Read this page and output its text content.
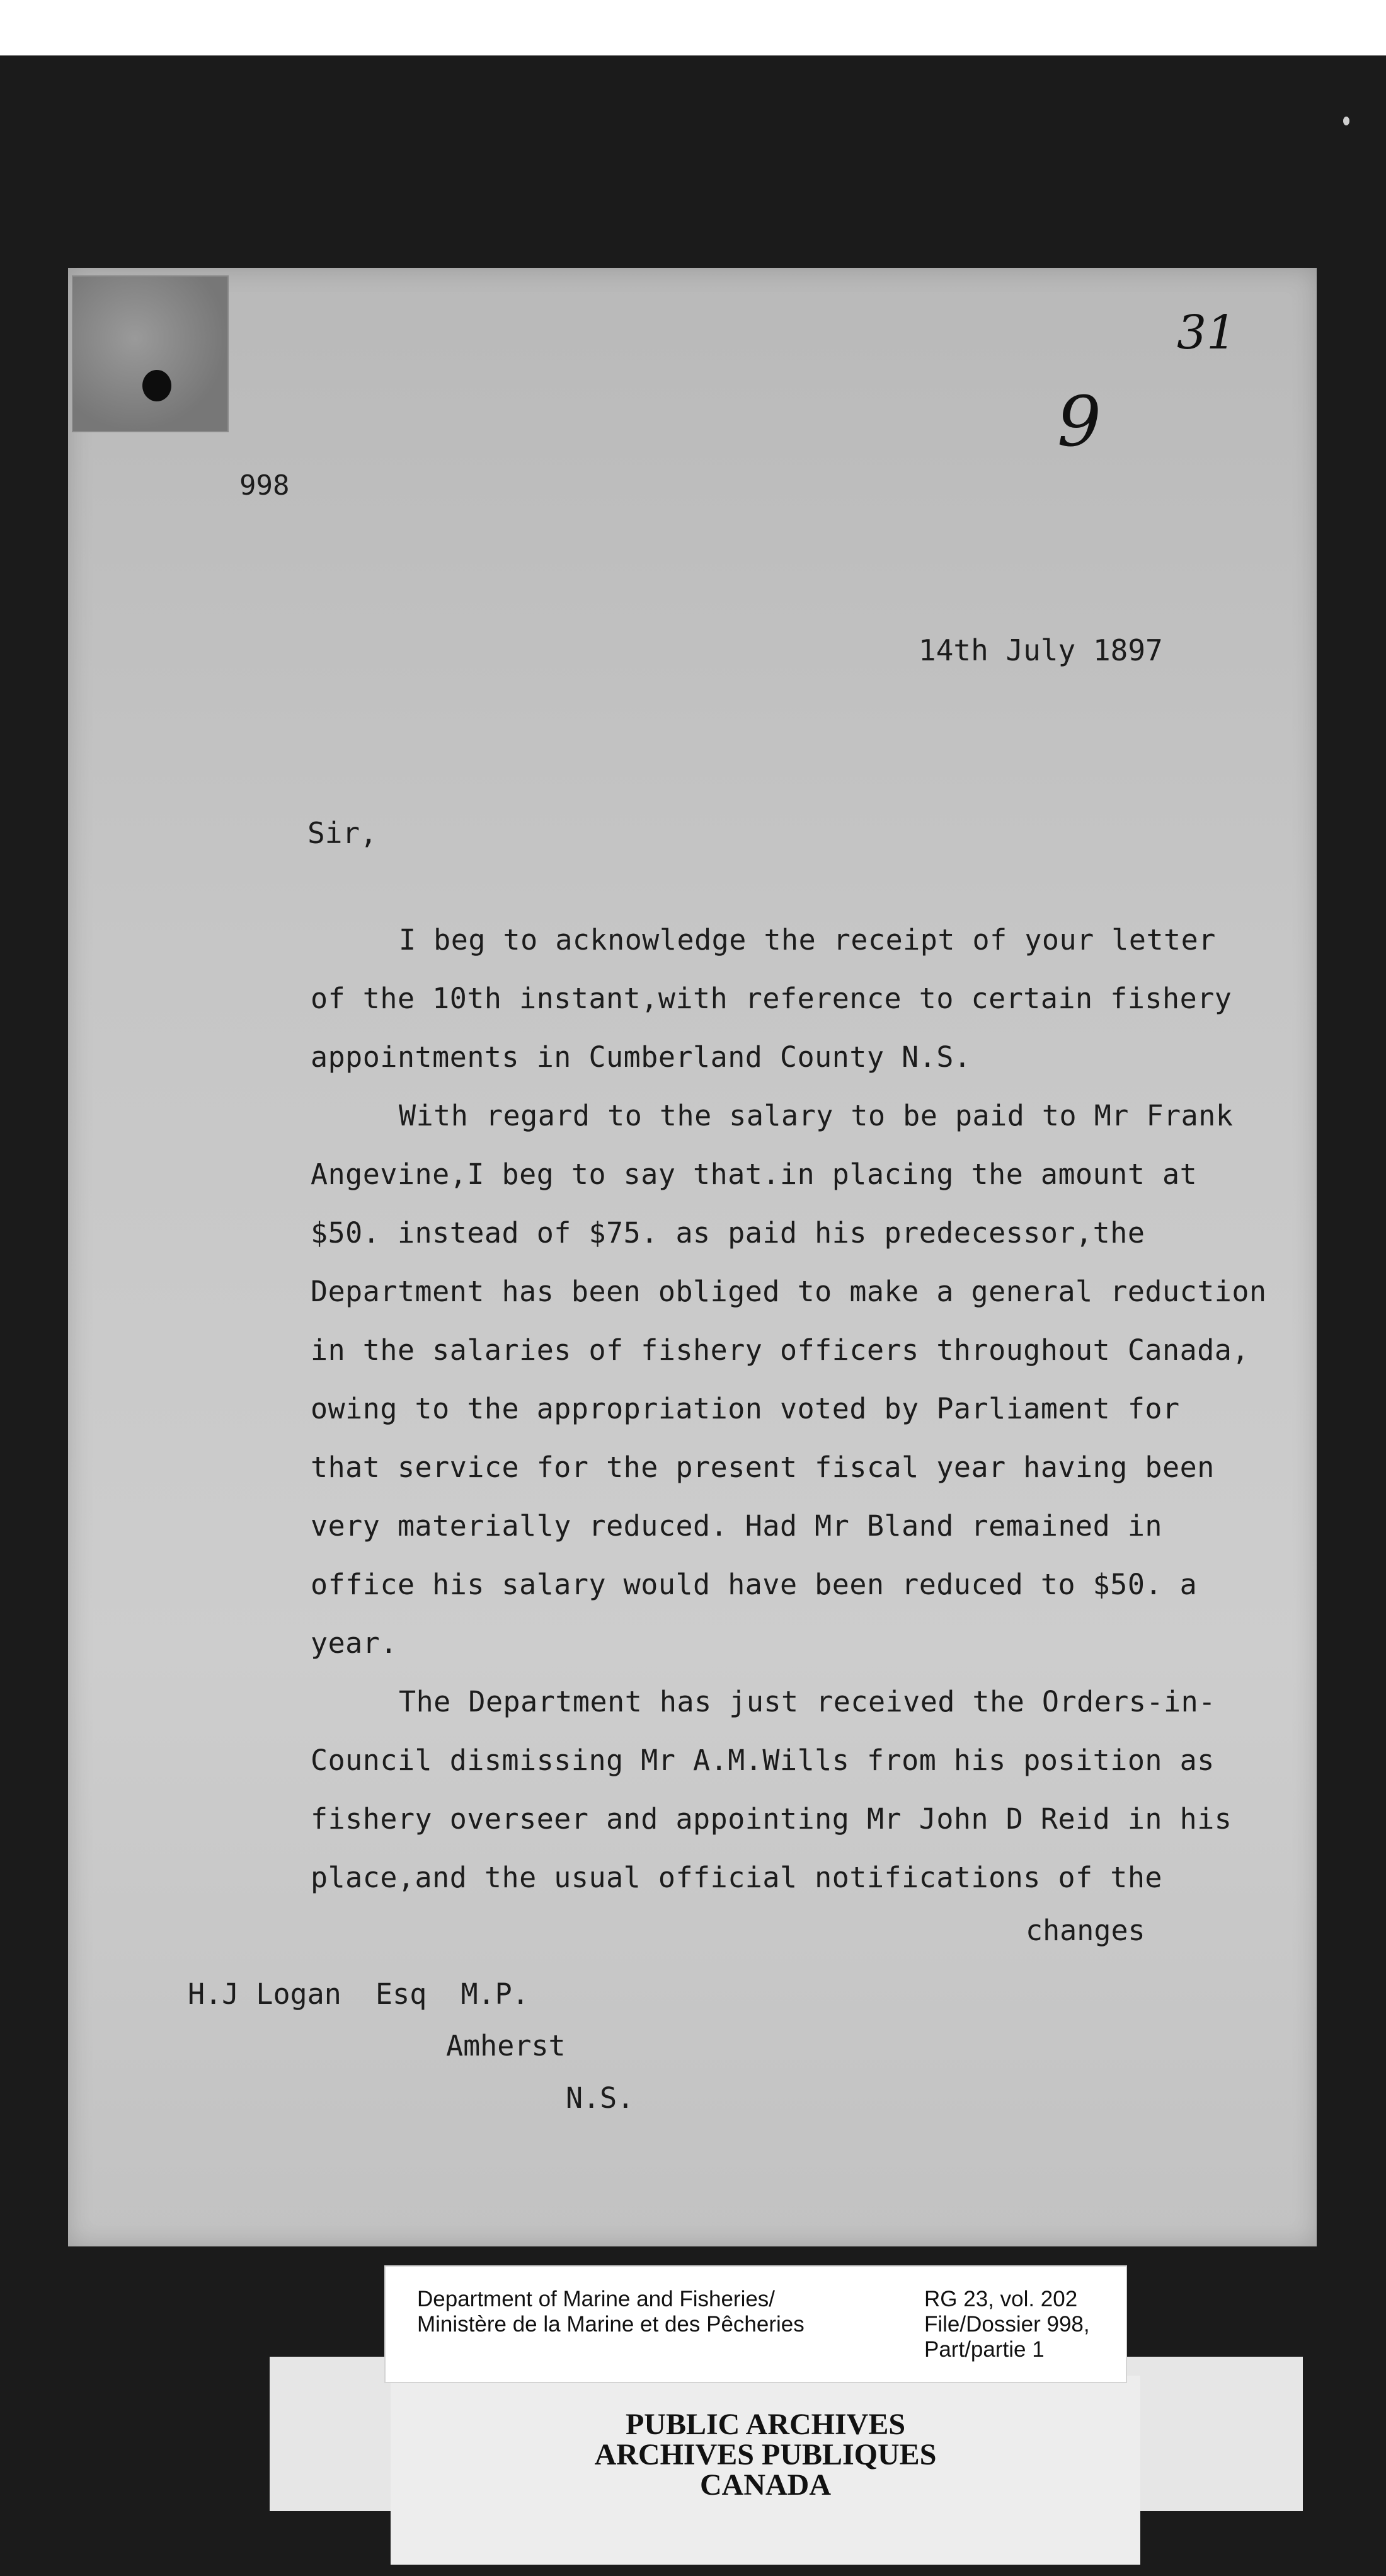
998
31
9
14th July 1897
Sir,
I beg to acknowledge the receipt of your letter
of the 10th instant,with reference to certain fishery
appointments in Cumberland County N.S.
With regard to the salary to be paid to Mr Frank
Angevine,I beg to say that.in placing the amount at
$50. instead of $75. as paid his predecessor,the
Department has been obliged to make a general reduction
in the salaries of fishery officers throughout Canada,
owing to the appropriation voted by Parliament for
that service for the present fiscal year having been
very materially reduced. Had Mr Bland remained in
office his salary would have been reduced to $50. a
year.
The Department has just received the Orders-in-
Council dismissing Mr A.M.Wills from his position as
fishery overseer and appointing Mr John D Reid in his
place,and the usual official notifications of the
changes
H.J Logan  Esq  M.P.
Amherst
N.S.
PUBLIC ARCHIVES
ARCHIVES PUBLIQUES
CANADA
Department of Marine and Fisheries/
Ministère de la Marine et des Pêcheries
RG 23, vol. 202
File/Dossier 998,
Part/partie 1
